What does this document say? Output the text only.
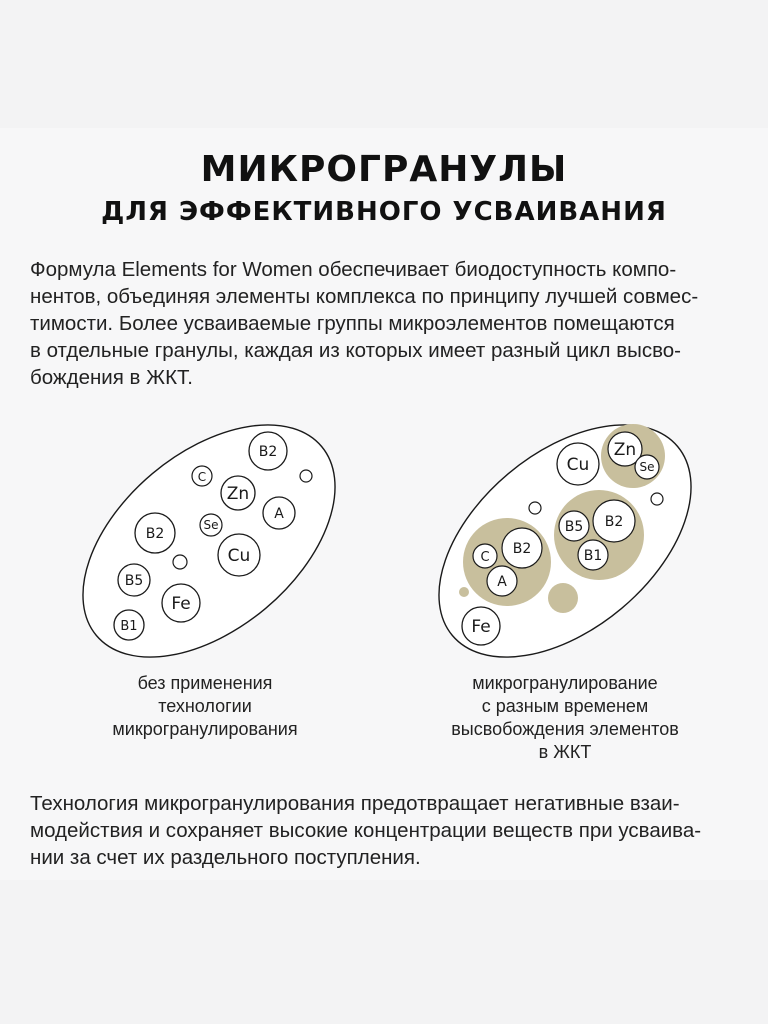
МИКРОГРАНУЛЫ
ДЛЯ ЭФФЕКТИВНОГО УСВАИВАНИЯ

Формула Elements for Women обеспечивает биодоступность компо-
нентов, объединяя элементы комплекса по принципу лучшей совмес-
тимости. Более усваиваемые группы микроэлементов помещаются
в отдельные гранулы, каждая из которых имеет разный цикл высво-
бождения в ЖКТ.

B2
C
Zn
A
B2
Se
Cu
B5
Fe
B1
Cu
Zn
Se
B5 B2
B1
C
B2
A
Fe
без применения
технологии
микрогранулирования
микрогранулирование
с разным временем
высвобождения элементов
в ЖКТ

Технология микрогранулирования предотвращает негативные взаи-
модействия и сохраняет высокие концентрации веществ при усваива-
нии за счет их раздельного поступления.
